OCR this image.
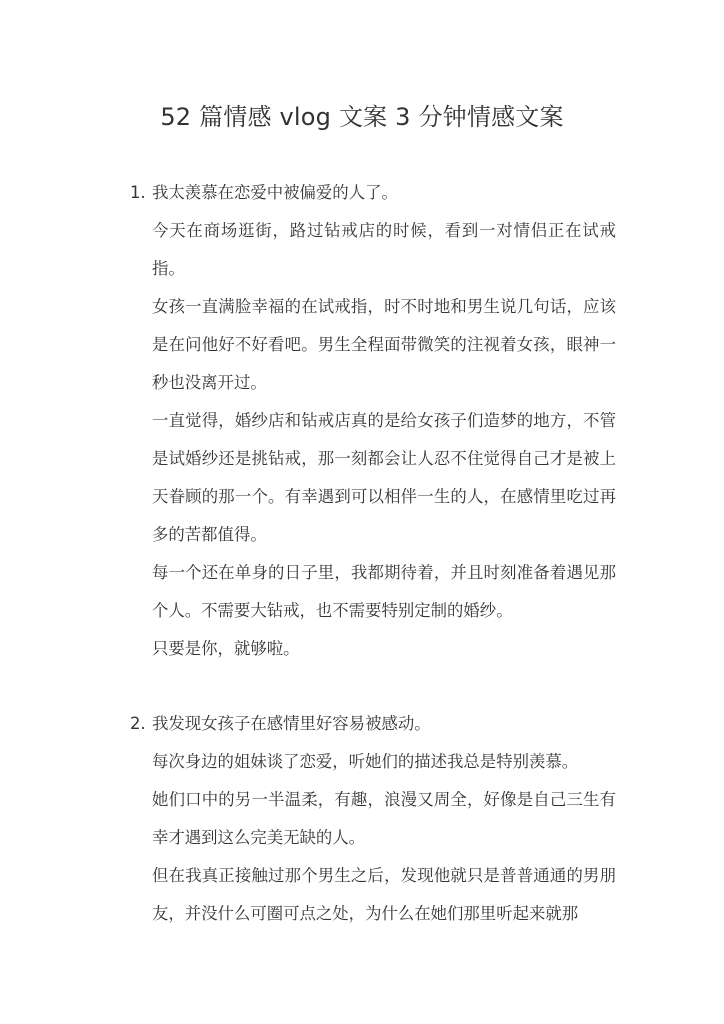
52 篇情感 vlog 文案 3 分钟情感文案
1. 我太羡慕在恋爱中被偏爱的人了。
今天在商场逛街，路过钻戒店的时候，看到一对情侣正在试戒指。
女孩一直满脸幸福的在试戒指，时不时地和男生说几句话，应该是在问他好不好看吧。男生全程面带微笑的注视着女孩，眼神一秒也没离开过。
一直觉得，婚纱店和钻戒店真的是给女孩子们造梦的地方，不管是试婚纱还是挑钻戒，那一刻都会让人忍不住觉得自己才是被上天眷顾的那一个。有幸遇到可以相伴一生的人，在感情里吃过再多的苦都值得。
每一个还在单身的日子里，我都期待着，并且时刻准备着遇见那个人。不需要大钻戒，也不需要特别定制的婚纱。
只要是你，就够啦。
2. 我发现女孩子在感情里好容易被感动。
每次身边的姐妹谈了恋爱，听她们的描述我总是特别羡慕。
她们口中的另一半温柔，有趣，浪漫又周全，好像是自己三生有幸才遇到这么完美无缺的人。
但在我真正接触过那个男生之后，发现他就只是普普通通的男朋友，并没什么可圈可点之处，为什么在她们那里听起来就那
